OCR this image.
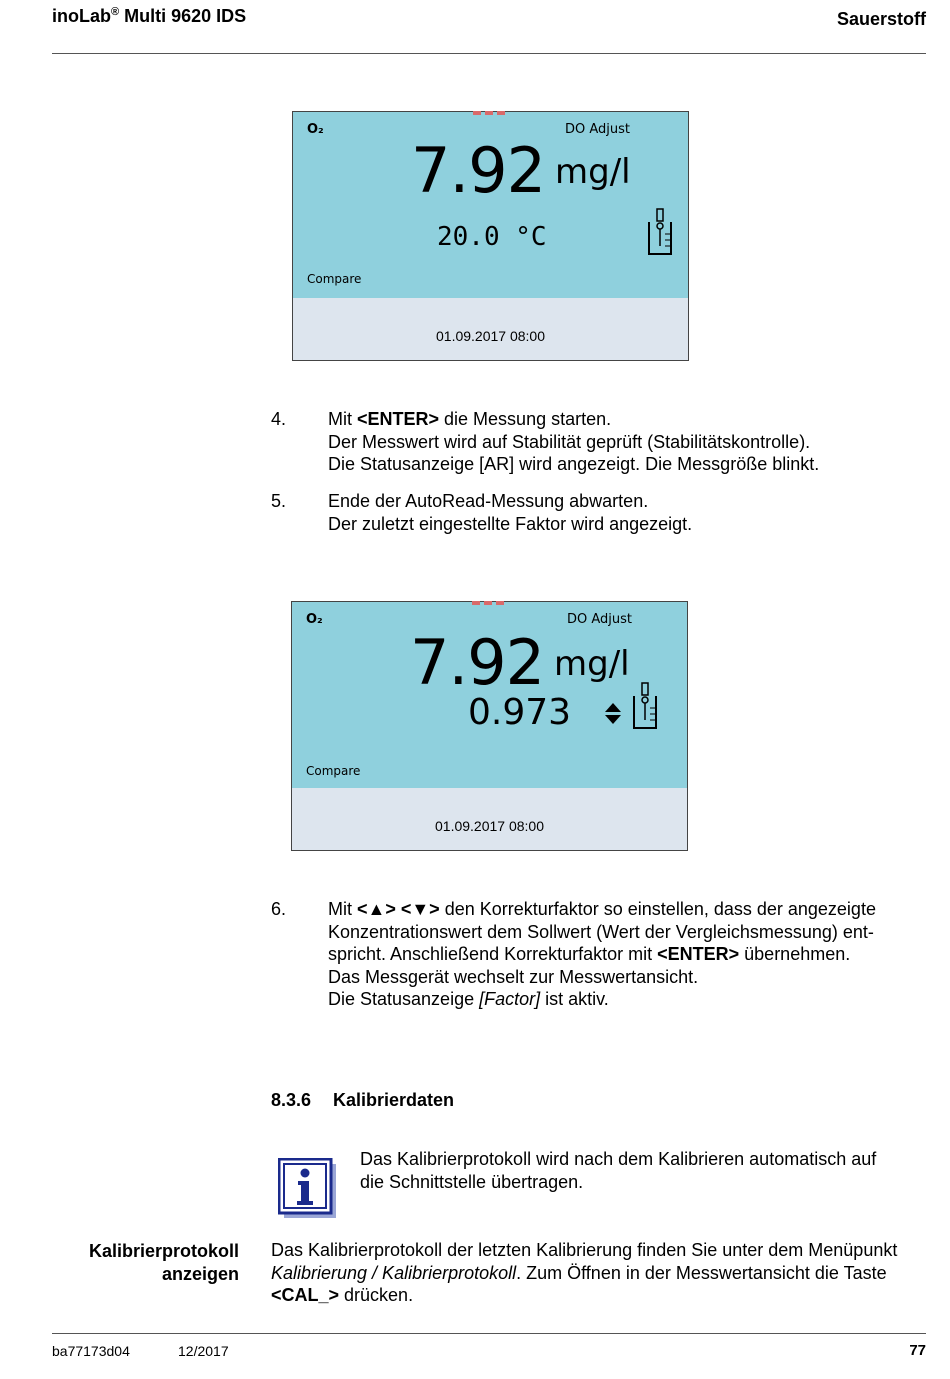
inoLab® Multi 9620 IDS	Sauerstoff
O₂	DO Adjust
7.92 mg/l
20.0 °C
Compare
01.09.2017 08:00
4. Mit <ENTER> die Messung starten.
Der Messwert wird auf Stabilität geprüft (Stabilitätskontrolle).
Die Statusanzeige [AR] wird angezeigt. Die Messgröße blinkt.
5. Ende der AutoRead-Messung abwarten.
Der zuletzt eingestellte Faktor wird angezeigt.
O₂	DO Adjust
7.92 mg/l
0.973
Compare
01.09.2017 08:00
6. Mit <▲> <▼> den Korrekturfaktor so einstellen, dass der angezeigte
Konzentrationswert dem Sollwert (Wert der Vergleichsmessung) ent-
spricht. Anschließend Korrekturfaktor mit <ENTER> übernehmen.
Das Messgerät wechselt zur Messwertansicht.
Die Statusanzeige [Factor] ist aktiv.
8.3.6 Kalibrierdaten
Das Kalibrierprotokoll wird nach dem Kalibrieren automatisch auf
die Schnittstelle übertragen.
Kalibrierprotokoll
anzeigen
Das Kalibrierprotokoll der letzten Kalibrierung finden Sie unter dem Menüpunkt
Kalibrierung / Kalibrierprotokoll. Zum Öffnen in der Messwertansicht die Taste
<CAL_> drücken.
ba77173d04	12/2017	77
